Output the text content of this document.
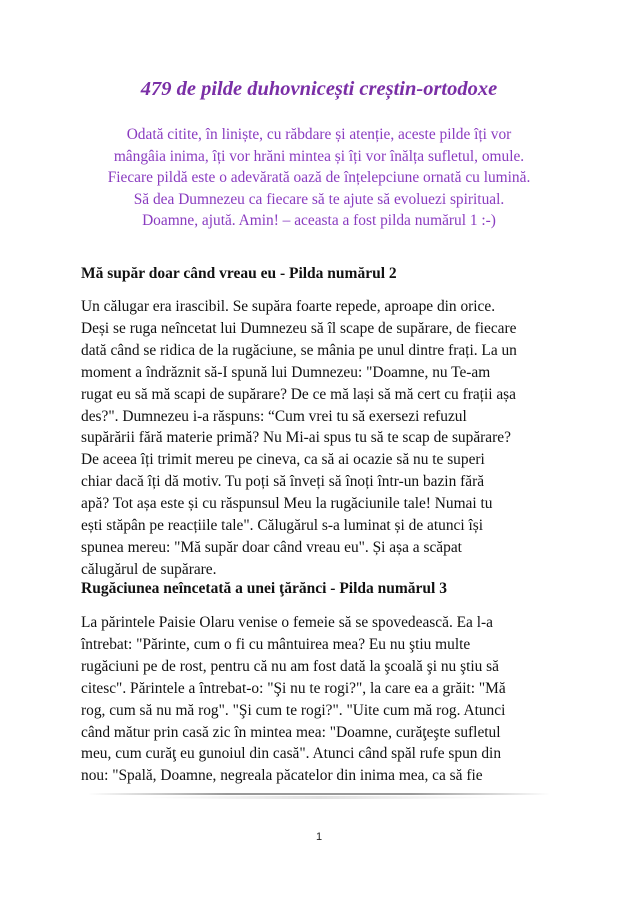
479 de pilde duhovnicești creștin-ortodoxe
Odată citite, în liniște, cu răbdare și atenție, aceste pilde îți vor
mângâia inima, îți vor hrăni mintea și îți vor înălța sufletul, omule.
Fiecare pildă este o adevărată oază de înțelepciune ornată cu lumină.
Să dea Dumnezeu ca fiecare să te ajute să evoluezi spiritual.
Doamne, ajută. Amin! – aceasta a fost pilda numărul 1 :-)
Mă supăr doar când vreau eu - Pilda numărul 2
Un călugar era irascibil. Se supăra foarte repede, aproape din orice.
Deși se ruga neîncetat lui Dumnezeu să îl scape de supărare, de fiecare
dată când se ridica de la rugăciune, se mânia pe unul dintre frați. La un
moment a îndrăznit să-I spună lui Dumnezeu: "Doamne, nu Te-am
rugat eu să mă scapi de supărare? De ce mă lași să mă cert cu frații așa
des?". Dumnezeu i-a răspuns: “Cum vrei tu să exersezi refuzul
supărării fără materie primă? Nu Mi-ai spus tu să te scap de supărare?
De aceea îți trimit mereu pe cineva, ca să ai ocazie să nu te superi
chiar dacă îți dă motiv. Tu poți să înveți să înoți într-un bazin fără
apă? Tot așa este și cu răspunsul Meu la rugăciunile tale! Numai tu
ești stăpân pe reacțiile tale". Călugărul s-a luminat și de atunci își
spunea mereu: "Mă supăr doar când vreau eu". Și așa a scăpat
călugărul de supărare.
Rugăciunea neîncetată a unei ţărănci - Pilda numărul 3
La părintele Paisie Olaru venise o femeie să se spovedească. Ea l-a
întrebat: "Părinte, cum o fi cu mântuirea mea? Eu nu ştiu multe
rugăciuni pe de rost, pentru că nu am fost dată la şcoală şi nu ştiu să
citesc". Părintele a întrebat-o: "Şi nu te rogi?", la care ea a grăit: "Mă
rog, cum să nu mă rog". "Şi cum te rogi?". "Uite cum mă rog. Atunci
când mătur prin casă zic în mintea mea: "Doamne, curăţeşte sufletul
meu, cum curăţ eu gunoiul din casă". Atunci când spăl rufe spun din
nou: "Spală, Doamne, negreala păcatelor din inima mea, ca să fie
1
